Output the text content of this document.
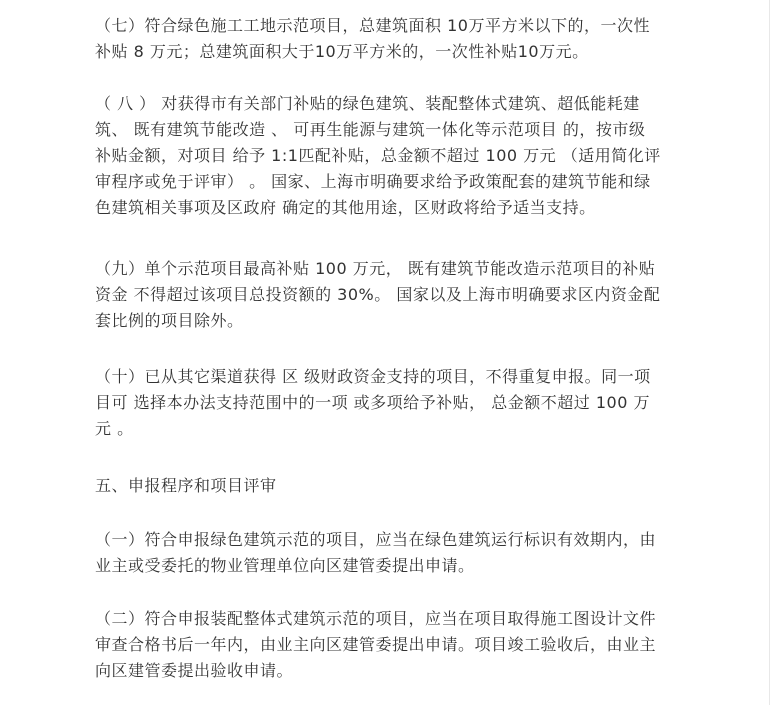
（七）符合绿色施工工地示范项目，总建筑面积 10万平方米以下的，一次性
补贴 8 万元；总建筑面积大于10万平方米的，一次性补贴10万元。

（ 八 ） 对获得市有关部门补贴的绿色建筑、装配整体式建筑、超低能耗建
筑、 既有建筑节能改造 、 可再生能源与建筑一体化等示范项目 的，按市级
补贴金额，对项目 给予 1:1匹配补贴，总金额不超过 100 万元 （适用简化评
审程序或免于评审） 。 国家、上海市明确要求给予政策配套的建筑节能和绿
色建筑相关事项及区政府 确定的其他用途，区财政将给予适当支持。

（九）单个示范项目最高补贴 100 万元， 既有建筑节能改造示范项目的补贴
资金 不得超过该项目总投资额的 30%。 国家以及上海市明确要求区内资金配
套比例的项目除外。

（十）已从其它渠道获得 区 级财政资金支持的项目，不得重复申报。同一项
目可 选择本办法支持范围中的一项 或多项给予补贴， 总金额不超过 100 万
元 。

五、申报程序和项目评审

（一）符合申报绿色建筑示范的项目，应当在绿色建筑运行标识有效期内，由
业主或受委托的物业管理单位向区建管委提出申请。

（二）符合申报装配整体式建筑示范的项目，应当在项目取得施工图设计文件
审查合格书后一年内，由业主向区建管委提出申请。项目竣工验收后，由业主
向区建管委提出验收申请。
